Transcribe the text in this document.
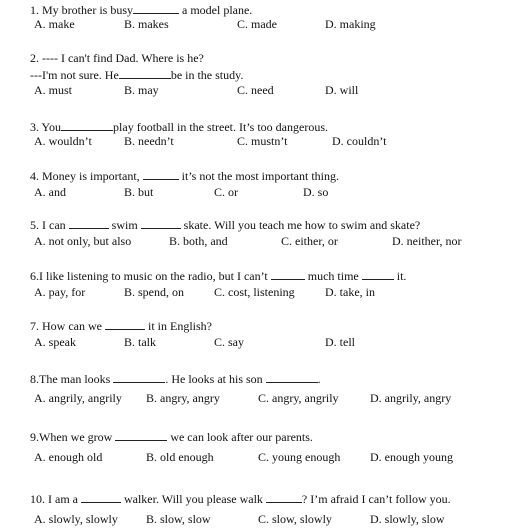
1. My brother is busy	a model plane.
A. make	B. makes	C. made	D. making
2. ---- I can't find Dad. Where is he?
---I'm not sure. He	be in the study.
A. must	B. may	C. need	D. will
3. You	play football in the street. It’s too dangerous.
A. wouldn’t	B. needn’t	C. mustn’t	D. couldn’t
4. Money is important,	it’s not the most important thing.
A. and	B. but	C. or	D. so
5. I can	swim	skate. Will you teach me how to swim and skate?
A. not only, but also	B. both, and	C. either, or	D. neither, nor
6.I like listening to music on the radio, but I can’t	much time	it.
A. pay, for	B. spend, on	C. cost, listening	D. take, in
7. How can we	it in English?
A. speak	B. talk	C. say	D. tell
8.The man looks	. He looks at his son	.
A. angrily, angrily B. angry, angry	C. angry, angrily	D. angrily, angry
9.When we grow	we can look after our parents.
A. enough old	B. old enough	C. young enough D. enough young
10. I am a	walker. Will you please walk	? I’m afraid I can’t follow you.
A. slowly, slowly B. slow, slow	C. slow, slowly	D. slowly, slow
